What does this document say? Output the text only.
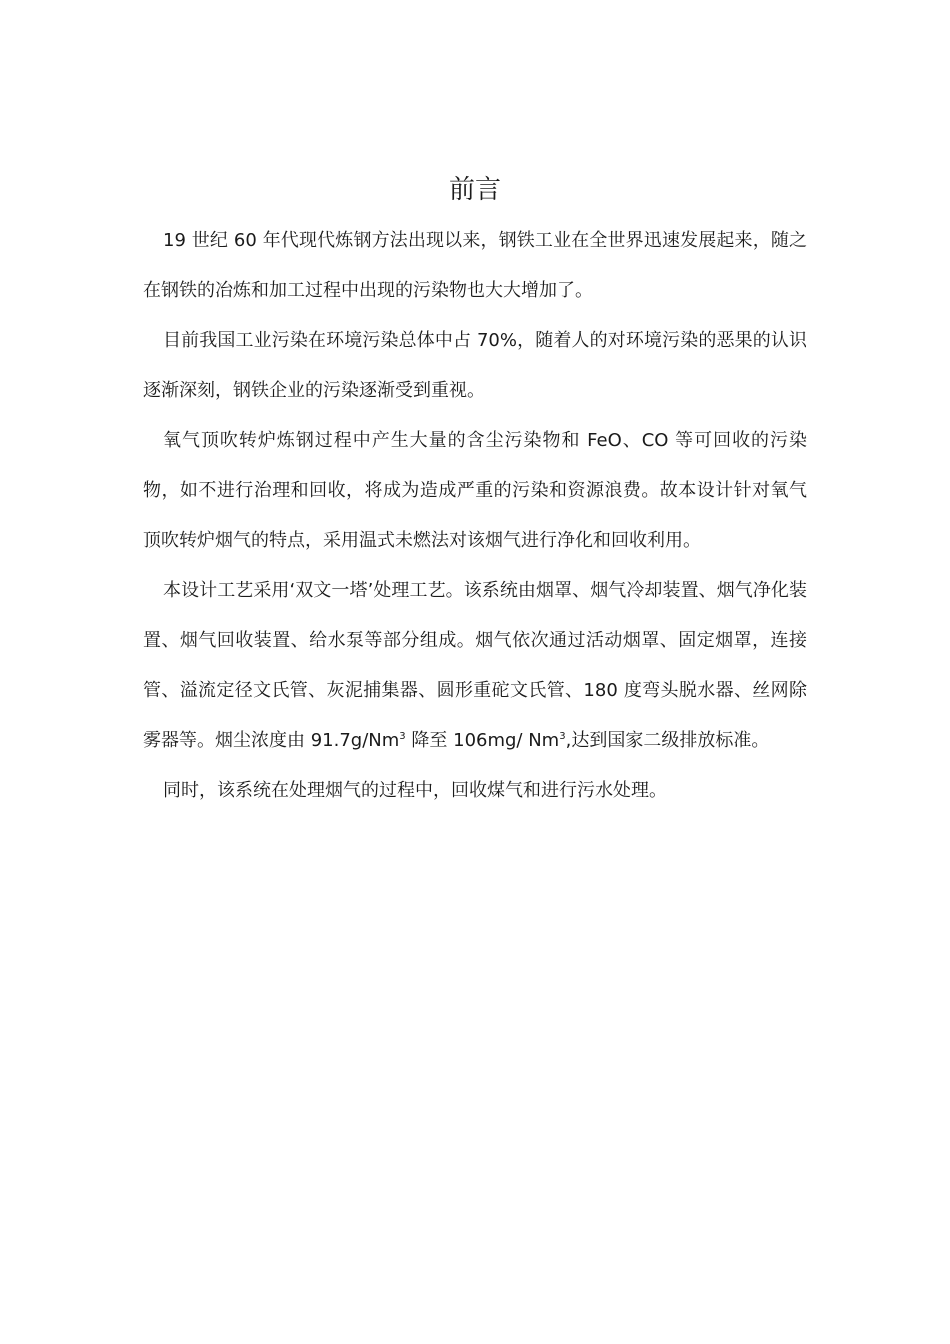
前言

19 世纪 60 年代现代炼钢方法出现以来，钢铁工业在全世界迅速发展起来，随之在钢铁的冶炼和加工过程中出现的污染物也大大增加了。

目前我国工业污染在环境污染总体中占 70%，随着人的对环境污染的恶果的认识逐渐深刻，钢铁企业的污染逐渐受到重视。

氧气顶吹转炉炼钢过程中产生大量的含尘污染物和 FeO、CO 等可回收的污染物，如不进行治理和回收，将成为造成严重的污染和资源浪费。故本设计针对氧气顶吹转炉烟气的特点，采用温式未燃法对该烟气进行净化和回收利用。

本设计工艺采用‘双文一塔’处理工艺。该系统由烟罩、烟气冷却装置、烟气净化装置、烟气回收装置、给水泵等部分组成。烟气依次通过活动烟罩、固定烟罩，连接管、溢流定径文氏管、灰泥捕集器、圆形重砣文氏管、180 度弯头脱水器、丝网除雾器等。烟尘浓度由 91.7g/Nm$^3$ 降至 106mg/ Nm$^3$,达到国家二级排放标准。

同时，该系统在处理烟气的过程中，回收煤气和进行污水处理。
